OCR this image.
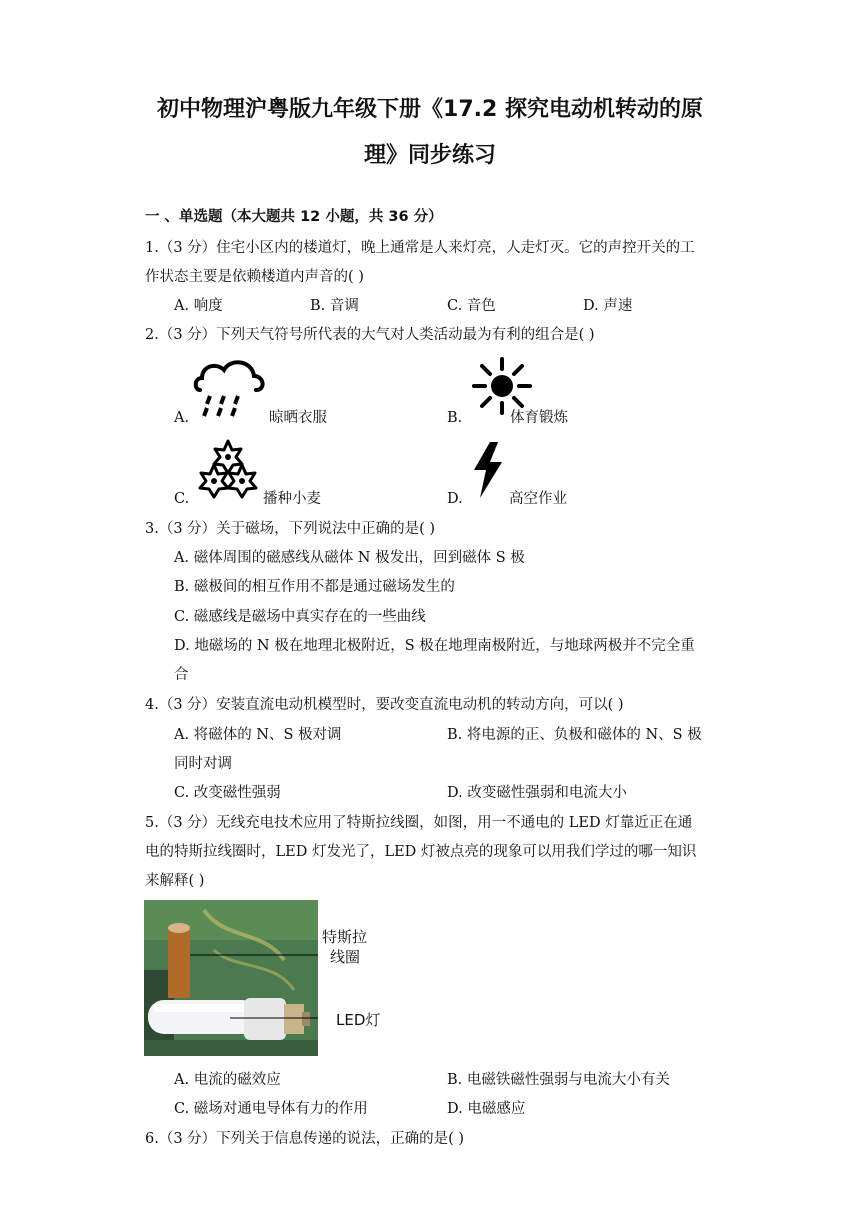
初中物理沪粤版九年级下册《17.2 探究电动机转动的原
理》同步练习
一 、单选题（本大题共 12 小题，共 36 分）
1.（3 分）住宅小区内的楼道灯，晚上通常是人来灯亮，人走灯灭。它的声控开关的工
作状态主要是依赖楼道内声音的( )
A. 响度	B. 音调	C. 音色	D. 声速
2.（3 分）下列天气符号所代表的大气对人类活动最为有利的组合是( )
A.	晾晒衣服	B.	体育锻炼
C.	播种小麦	D.	高空作业
3.（3 分）关于磁场，下列说法中正确的是( )
A. 磁体周围的磁感线从磁体 N 极发出，回到磁体 S 极
B. 磁极间的相互作用不都是通过磁场发生的
C. 磁感线是磁场中真实存在的一些曲线
D. 地磁场的 N 极在地理北极附近，S 极在地理南极附近，与地球两极并不完全重
合
4.（3 分）安装直流电动机模型时，要改变直流电动机的转动方向，可以( )
A. 将磁体的 N、S 极对调	B. 将电源的正、负极和磁体的 N、S 极
同时对调
C. 改变磁性强弱	D. 改变磁性强弱和电流大小
5.（3 分）无线充电技术应用了特斯拉线圈，如图，用一不通电的 LED 灯靠近正在通
电的特斯拉线圈时，LED 灯发光了，LED 灯被点亮的现象可以用我们学过的哪一知识
来解释( )
特斯拉
线圈
LED灯
A. 电流的磁效应	B. 电磁铁磁性强弱与电流大小有关
C. 磁场对通电导体有力的作用	D. 电磁感应
6.（3 分）下列关于信息传递的说法，正确的是( )
